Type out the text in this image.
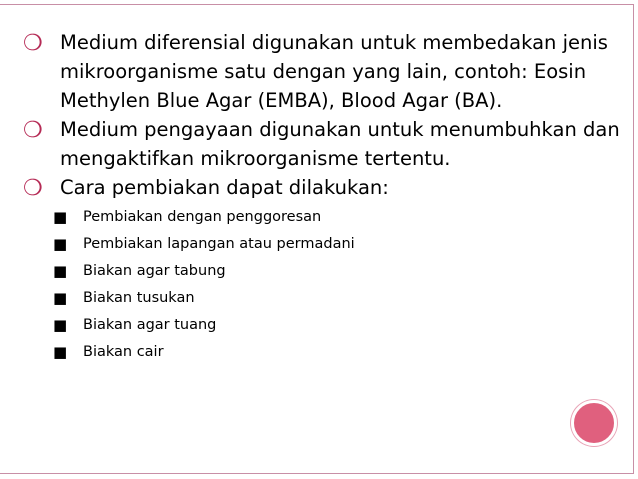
❍ Medium diferensial digunakan untuk membedakan jenis mikroorganisme satu dengan yang lain, contoh: Eosin Methylen Blue Agar (EMBA), Blood Agar (BA).
❍ Medium pengayaan digunakan untuk menumbuhkan dan mengaktifkan mikroorganisme tertentu.
❍ Cara pembiakan dapat dilakukan:
■ Pembiakan dengan penggoresan
■ Pembiakan lapangan atau permadani
■ Biakan agar tabung
■ Biakan tusukan
■ Biakan agar tuang
■ Biakan cair
